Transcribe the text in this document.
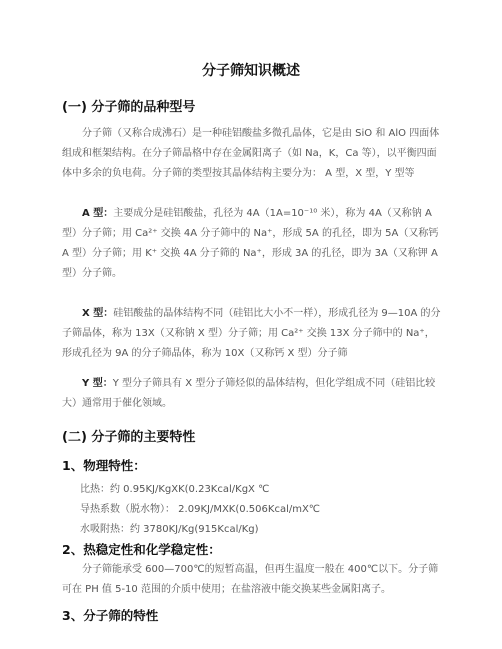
分子筛知识概述
(一) 分子筛的品种型号
分子筛（又称合成沸石）是一种硅铝酸盐多微孔晶体，它是由 SiO 和 AlO 四面体组成和框架结构。在分子筛晶格中存在金属阳离子（如 Na，K，Ca 等），以平衡四面体中多余的负电荷。分子筛的类型按其晶体结构主要分为： A 型，X 型，Y 型等
A 型：主要成分是硅铝酸盐，孔径为 4A（1A=10⁻¹⁰ 米），称为 4A（又称钠 A 型）分子筛；用 Ca²⁺ 交换 4A 分子筛中的 Na⁺，形成 5A 的孔径，即为 5A（又称钙 A 型）分子筛；用 K⁺ 交换 4A 分子筛的 Na⁺，形成 3A 的孔径，即为 3A（又称钾 A 型）分子筛。
X 型：硅铝酸盐的晶体结构不同（硅铝比大小不一样），形成孔径为 9—10A 的分子筛晶体，称为 13X（又称钠 X 型）分子筛；用 Ca²⁺ 交换 13X 分子筛中的 Na⁺，形成孔径为 9A 的分子筛晶体，称为 10X（又称钙 X 型）分子筛
Y 型：Y 型分子筛具有 X 型分子筛烃似的晶体结构，但化学组成不同（硅铝比较大）通常用于催化领域。
(二) 分子筛的主要特性
1、物理特性：
比热：约 0.95KJ/KgXK(0.23Kcal/KgX ℃
导热系数（脱水物）： 2.09KJ/MXK(0.506Kcal/mX℃
水吸附热：约 3780KJ/Kg(915Kcal/Kg)
2、热稳定性和化学稳定性：
分子筛能承受 600—700℃的短暂高温，但再生温度一般在 400℃以下。分子筛可在 PH 值 5-10 范围的介质中使用；在盐溶液中能交换某些金属阳离子。
3、分子筛的特性
